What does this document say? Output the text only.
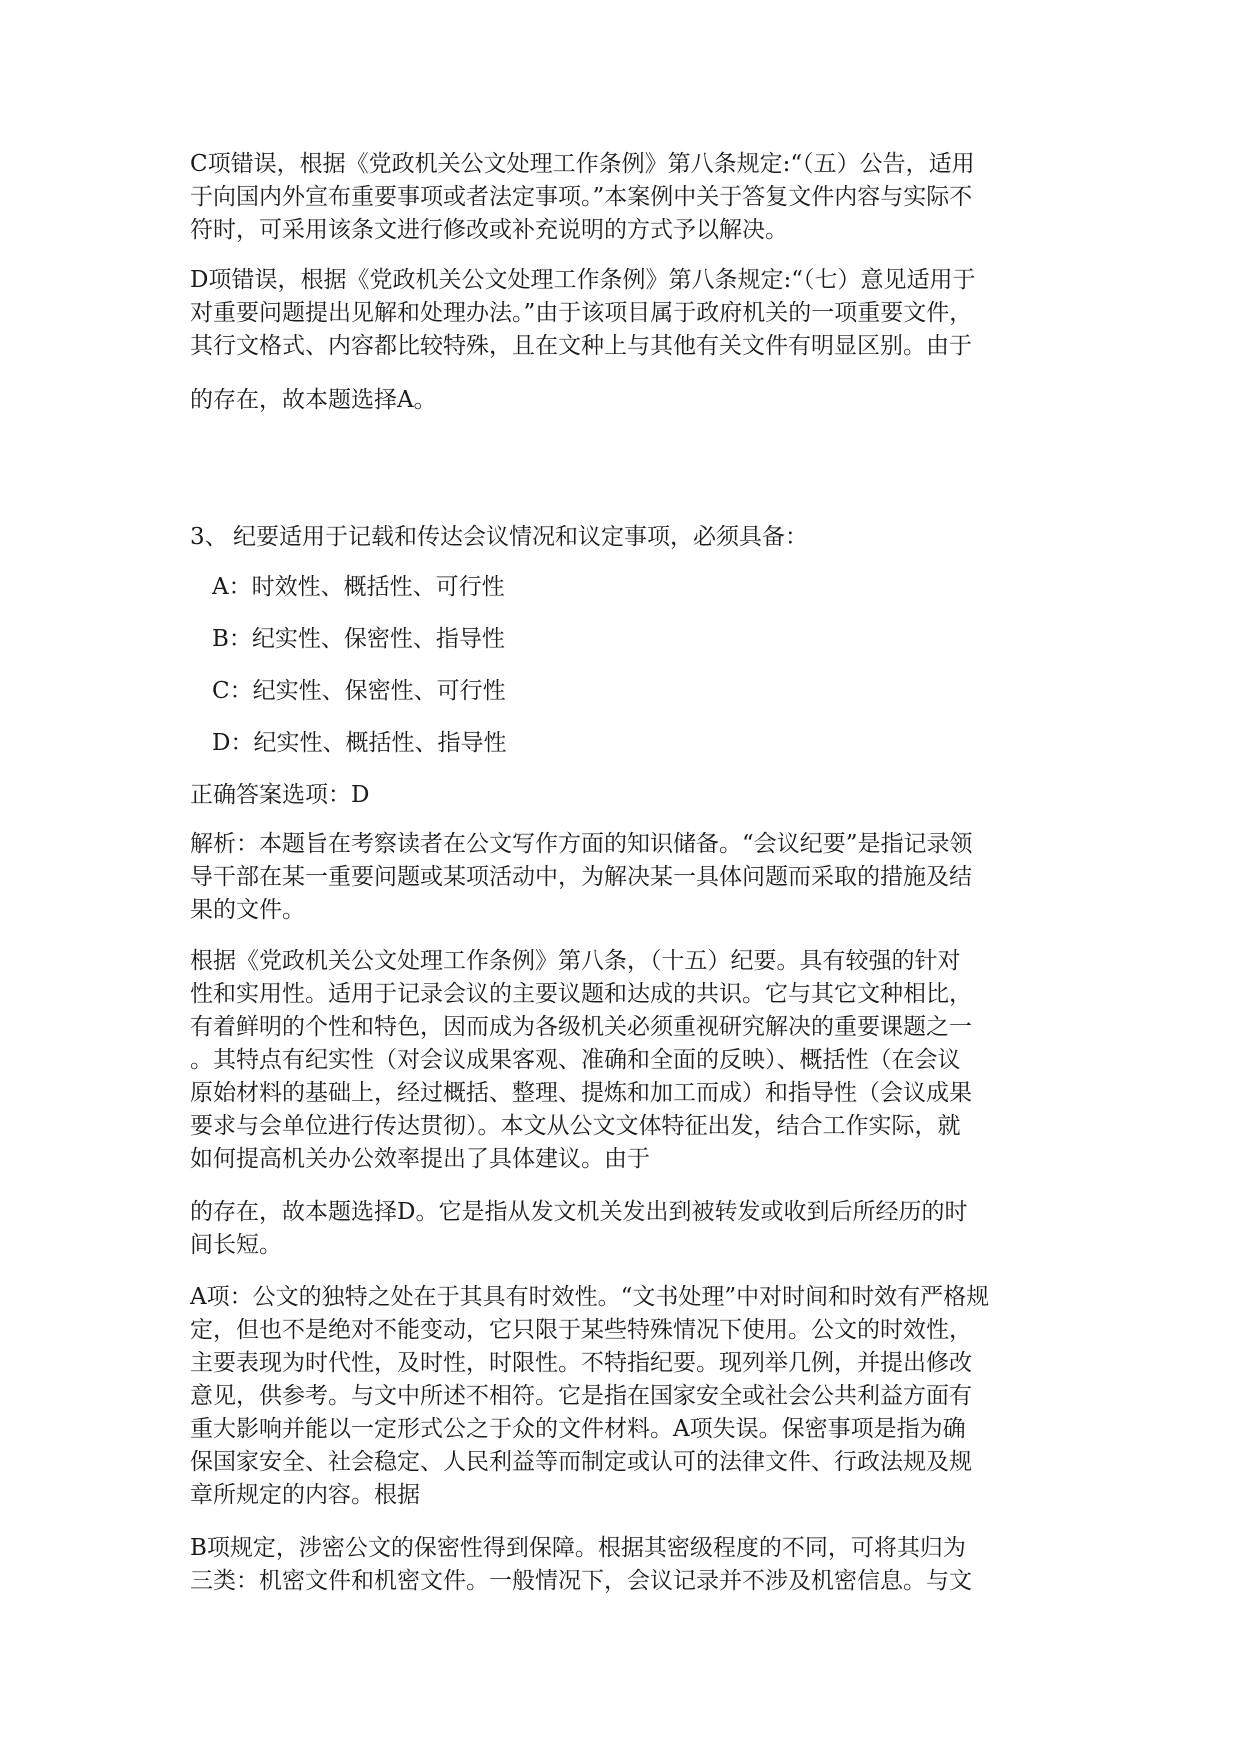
C项错误，根据《党政机关公文处理工作条例》第八条规定:“（五）公告，适用
于向国内外宣布重要事项或者法定事项。”本案例中关于答复文件内容与实际不
符时，可采用该条文进行修改或补充说明的方式予以解决。
D项错误，根据《党政机关公文处理工作条例》第八条规定:“（七）意见适用于
对重要问题提出见解和处理办法。”由于该项目属于政府机关的一项重要文件，
其行文格式、内容都比较特殊，且在文种上与其他有关文件有明显区别。由于
的存在，故本题选择A。
3、 纪要适用于记载和传达会议情况和议定事项，必须具备：
A：时效性、概括性、可行性
B：纪实性、保密性、指导性
C：纪实性、保密性、可行性
D：纪实性、概括性、指导性
正确答案选项：D
解析：本题旨在考察读者在公文写作方面的知识储备。“会议纪要”是指记录领
导干部在某一重要问题或某项活动中，为解决某一具体问题而采取的措施及结
果的文件。
根据《党政机关公文处理工作条例》第八条，（十五）纪要。具有较强的针对
性和实用性。适用于记录会议的主要议题和达成的共识。它与其它文种相比，
有着鲜明的个性和特色，因而成为各级机关必须重视研究解决的重要课题之一
。其特点有纪实性（对会议成果客观、准确和全面的反映）、概括性（在会议
原始材料的基础上，经过概括、整理、提炼和加工而成）和指导性（会议成果
要求与会单位进行传达贯彻）。本文从公文文体特征出发，结合工作实际，就
如何提高机关办公效率提出了具体建议。由于
的存在，故本题选择D。它是指从发文机关发出到被转发或收到后所经历的时
间长短。
A项：公文的独特之处在于其具有时效性。“文书处理”中对时间和时效有严格规
定，但也不是绝对不能变动，它只限于某些特殊情况下使用。公文的时效性，
主要表现为时代性，及时性，时限性。不特指纪要。现列举几例，并提出修改
意见，供参考。与文中所述不相符。它是指在国家安全或社会公共利益方面有
重大影响并能以一定形式公之于众的文件材料。A项失误。保密事项是指为确
保国家安全、社会稳定、人民利益等而制定或认可的法律文件、行政法规及规
章所规定的内容。根据
B项规定，涉密公文的保密性得到保障。根据其密级程度的不同，可将其归为
三类：机密文件和机密文件。一般情况下，会议记录并不涉及机密信息。与文
